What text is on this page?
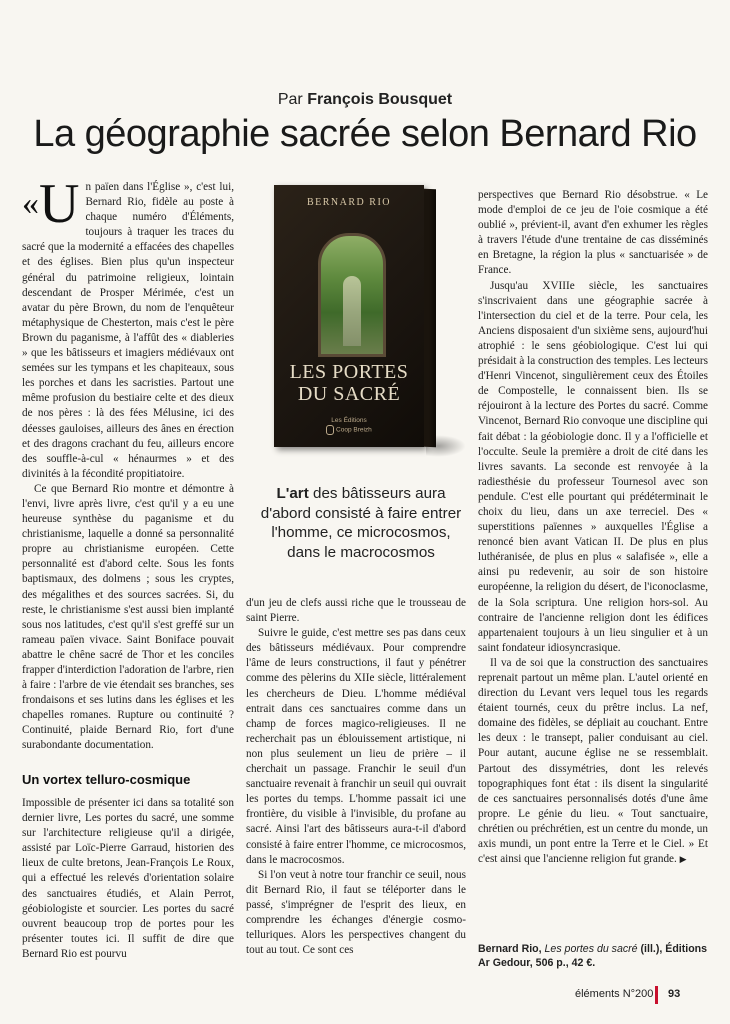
Par François Bousquet
La géographie sacrée selon Bernard Rio
«U n païen dans l'Église », c'est lui, Bernard Rio, fidèle au poste à chaque numéro d'Éléments, toujours à traquer les traces du sacré que la modernité a effacées des chapelles et des églises. Bien plus qu'un inspecteur général du patrimoine religieux, lointain descendant de Prosper Mérimée, c'est un avatar du père Brown, du nom de l'enquêteur métaphysique de Chesterton, mais c'est le père Brown du paganisme, à l'affût des « diableries » que les bâtisseurs et imagiers médiévaux ont semées sur les tympans et les chapiteaux, sous les porches et dans les sacristies. Partout une même profusion du bestiaire celte et des dieux de nos pères : là des fées Mélusine, ici des déesses gauloises, ailleurs des ânes en érection et des dragons crachant du feu, ailleurs encore des souffle-à-cul « hénaurmes » et des divinités à la fécondité propitiatoire.

Ce que Bernard Rio montre et démontre à l'envi, livre après livre, c'est qu'il y a eu une heureuse synthèse du paganisme et du christianisme, laquelle a donné sa personnalité propre au christianisme européen. Cette personnalité est d'abord celte. Sous les fonts baptismaux, des dolmens ; sous les cryptes, des mégalithes et des sources sacrées. Si, du reste, le christianisme s'est aussi bien implanté sous nos latitudes, c'est qu'il s'est greffé sur un rameau païen vivace. Saint Boniface pouvait abattre le chêne sacré de Thor et les conciles frapper d'interdiction l'adoration de l'arbre, rien à faire : l'arbre de vie étendait ses branches, ses frondaisons et ses lutins dans les églises et les chapelles romanes. Rupture ou continuité ? Continuité, plaide Bernard Rio, fort d'une surabondante documentation.

Un vortex telluro-cosmique

Impossible de présenter ici dans sa totalité son dernier livre, Les portes du sacré, une somme sur l'architecture religieuse qu'il a dirigée, assisté par Loïc-Pierre Garraud, historien des lieux de culte bretons, Jean-François Le Roux, qui a effectué les relevés d'orientation solaire des sanctuaires étudiés, et Alain Perrot, géobiologiste et sourcier. Les portes du sacré ouvrent beaucoup trop de portes pour les présenter toutes ici. Il suffit de dire que Bernard Rio est pourvu

BERNARD RIO
LES PORTES
DU SACRÉ
Les Éditions
Coop Breizh
L'art des bâtisseurs aura d'abord consisté à faire entrer l'homme, ce microcosmos, dans le macrocosmos

d'un jeu de clefs aussi riche que le trousseau de saint Pierre.

Suivre le guide, c'est mettre ses pas dans ceux des bâtisseurs médiévaux. Pour comprendre l'âme de leurs constructions, il faut y pénétrer comme des pèlerins du XIIe siècle, littéralement les chercheurs de Dieu. L'homme médiéval entrait dans ces sanctuaires comme dans un champ de forces magico-religieuses. Il ne recherchait pas un éblouissement artistique, ni non plus seulement un lieu de prière – il cherchait un passage. Franchir le seuil d'un sanctuaire revenait à franchir un seuil qui ouvrait les portes du temps. L'homme passait ici une frontière, du visible à l'invisible, du profane au sacré. Ainsi l'art des bâtisseurs aura-t-il d'abord consisté à faire entrer l'homme, ce microcosmos, dans le macrocosmos.

Si l'on veut à notre tour franchir ce seuil, nous dit Bernard Rio, il faut se téléporter dans le passé, s'imprégner de l'esprit des lieux, en comprendre les échanges d'énergie cosmo-telluriques. Alors les perspectives changent du tout au tout. Ce sont ces

perspectives que Bernard Rio désobstrue. « Le mode d'emploi de ce jeu de l'oie cosmique a été oublié », prévient-il, avant d'en exhumer les règles à travers l'étude d'une trentaine de cas disséminés en Bretagne, la région la plus « sanctuarisée » de France.

Jusqu'au XVIIIe siècle, les sanctuaires s'inscrivaient dans une géographie sacrée à l'intersection du ciel et de la terre. Pour cela, les Anciens disposaient d'un sixième sens, aujourd'hui atrophié : le sens géobiologique. C'est lui qui présidait à la construction des temples. Les lecteurs d'Henri Vincenot, singulièrement ceux des Étoiles de Compostelle, le connaissent bien. Ils se réjouiront à la lecture des Portes du sacré. Comme Vincenot, Bernard Rio convoque une discipline qui fait débat : la géobiologie donc. Il y a l'officielle et l'occulte. Seule la première a droit de cité dans les livres savants. La seconde est renvoyée à la radiesthésie du professeur Tournesol avec son pendule. C'est elle pourtant qui prédéterminait le choix du lieu, dans un axe terreciel. Des « superstitions païennes » auxquelles l'Église a renoncé bien avant Vatican II. De plus en plus luthéranisée, de plus en plus « salafisée », elle a ainsi pu redevenir, au soir de son histoire européenne, la religion du désert, de l'iconoclasme, de la Sola scriptura. Une religion hors-sol. Au contraire de l'ancienne religion dont les édifices appartenaient toujours à un lieu singulier et à un saint fondateur idiosyncrasique.

Il va de soi que la construction des sanctuaires reprenait partout un même plan. L'autel orienté en direction du Levant vers lequel tous les regards étaient tournés, ceux du prêtre inclus. La nef, domaine des fidèles, se dépliait au couchant. Entre les deux : le transept, palier conduisant au ciel. Pour autant, aucune église ne se ressemblait. Partout des dissymétries, dont les relevés topographiques font état : ils disent la singularité de ces sanctuaires personnalisés dotés d'une âme propre. Le génie du lieu. « Tout sanctuaire, chrétien ou préchrétien, est un centre du monde, un axis mundi, un pont entre la Terre et le Ciel. » Et c'est ainsi que l'ancienne religion fut grande. ▶

Bernard Rio, Les portes du sacré (ill.), Éditions Ar Gedour, 506 p., 42 €.
éléments N°200 93
